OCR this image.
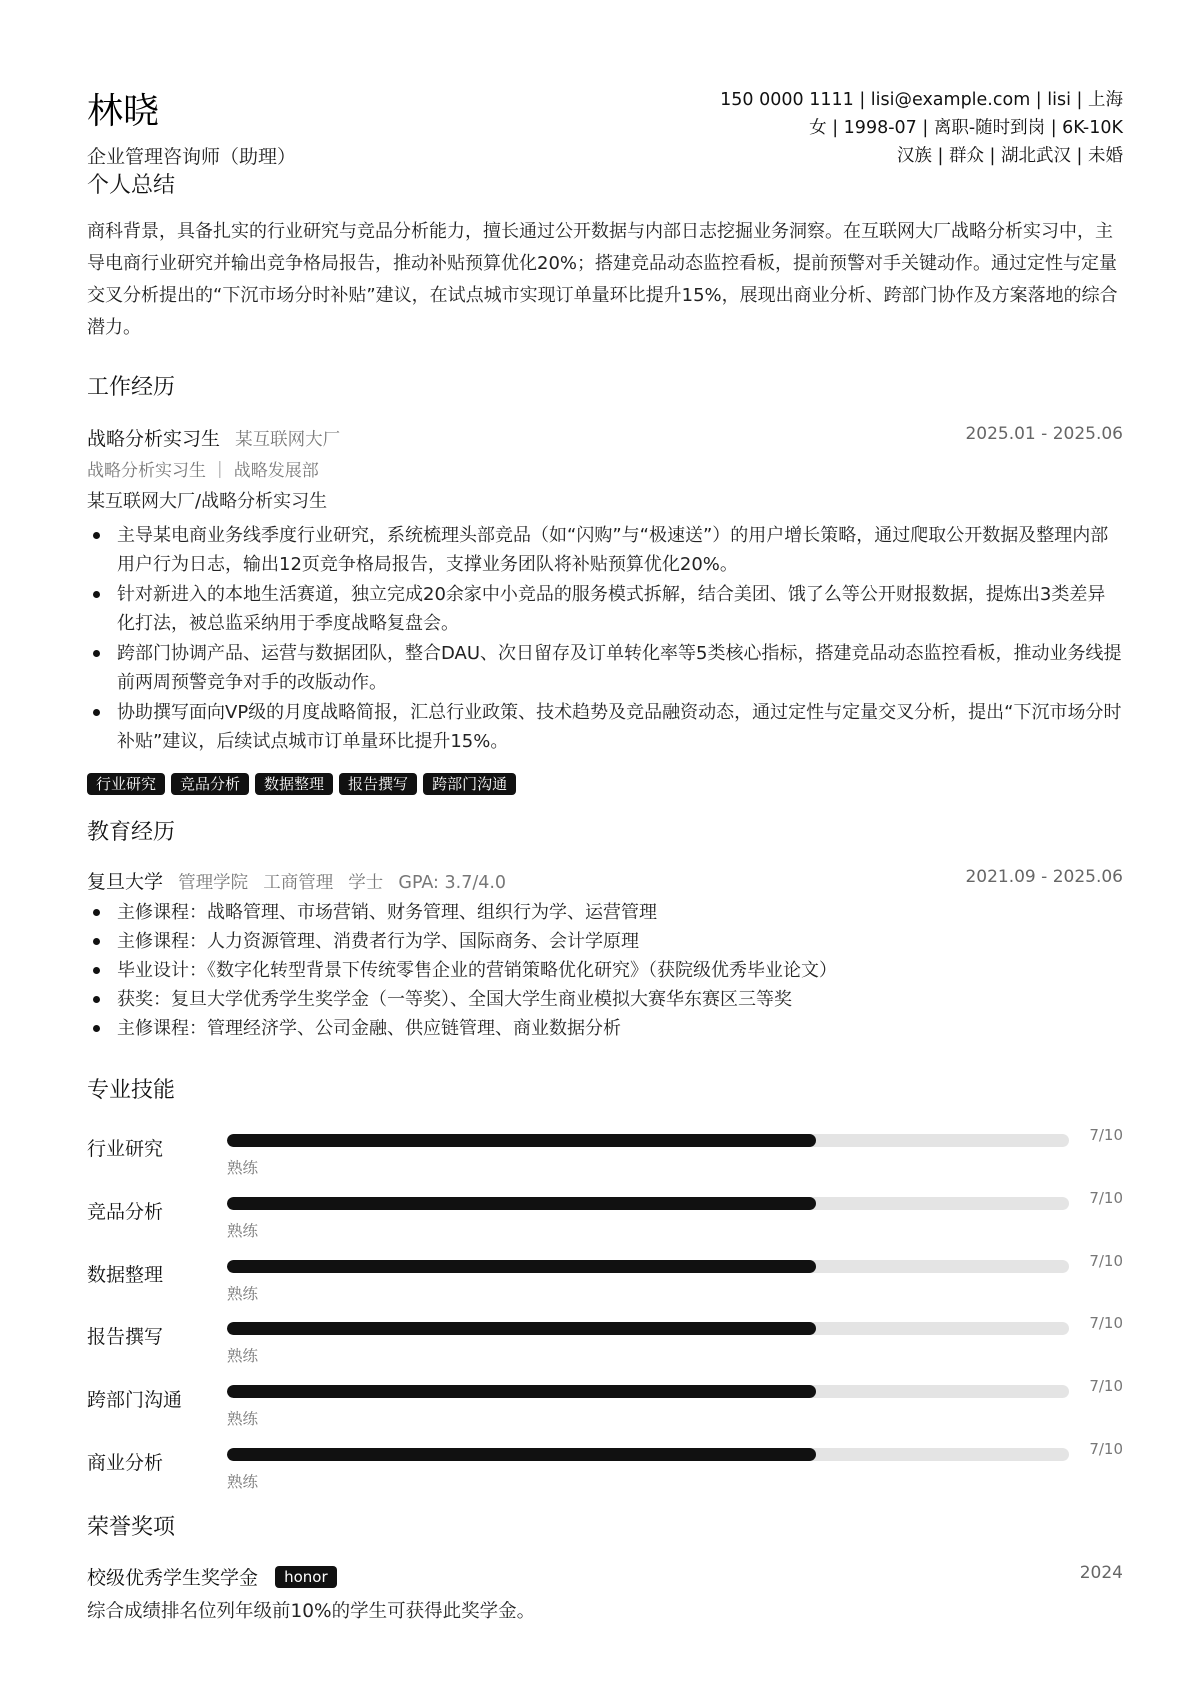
林晓
企业管理咨询师（助理）
150 0000 1111 | lisi@example.com | lisi | 上海
女 | 1998-07 | 离职-随时到岗 | 6K-10K
汉族 | 群众 | 湖北武汉 | 未婚
个人总结
商科背景，具备扎实的行业研究与竞品分析能力，擅长通过公开数据与内部日志挖掘业务洞察。在互联网大厂战略分析实习中，主导电商行业研究并输出竞争格局报告，推动补贴预算优化20%；搭建竞品动态监控看板，提前预警对手关键动作。通过定性与定量交叉分析提出的“下沉市场分时补贴”建议，在试点城市实现订单量环比提升15%，展现出商业分析、跨部门协作及方案落地的综合潜力。
工作经历
战略分析实习生 某互联网大厂	2025.01 - 2025.06
战略分析实习生 ｜ 战略发展部
某互联网大厂/战略分析实习生
主导某电商业务线季度行业研究，系统梳理头部竞品（如“闪购”与“极速送”）的用户增长策略，通过爬取公开数据及整理内部用户行为日志，输出12页竞争格局报告，支撑业务团队将补贴预算优化20%。
针对新进入的本地生活赛道，独立完成20余家中小竞品的服务模式拆解，结合美团、饿了么等公开财报数据，提炼出3类差异化打法，被总监采纳用于季度战略复盘会。
跨部门协调产品、运营与数据团队，整合DAU、次日留存及订单转化率等5类核心指标，搭建竞品动态监控看板，推动业务线提前两周预警竞争对手的改版动作。
协助撰写面向VP级的月度战略简报，汇总行业政策、技术趋势及竞品融资动态，通过定性与定量交叉分析，提出“下沉市场分时补贴”建议，后续试点城市订单量环比提升15%。
行业研究	竞品分析	数据整理	报告撰写	跨部门沟通
教育经历
复旦大学 管理学院 工商管理 学士 GPA: 3.7/4.0	2021.09 - 2025.06
主修课程：战略管理、市场营销、财务管理、组织行为学、运营管理
主修课程：人力资源管理、消费者行为学、国际商务、会计学原理
毕业设计：《数字化转型背景下传统零售企业的营销策略优化研究》（获院级优秀毕业论文）
获奖：复旦大学优秀学生奖学金（一等奖）、全国大学生商业模拟大赛华东赛区三等奖
主修课程：管理经济学、公司金融、供应链管理、商业数据分析
专业技能
行业研究
7/10
熟练
竞品分析
7/10
熟练
数据整理
7/10
熟练
报告撰写
7/10
熟练
跨部门沟通
7/10
熟练
商业分析
7/10
熟练
荣誉奖项
校级优秀学生奖学金 honor	2024
综合成绩排名位列年级前10%的学生可获得此奖学金。
